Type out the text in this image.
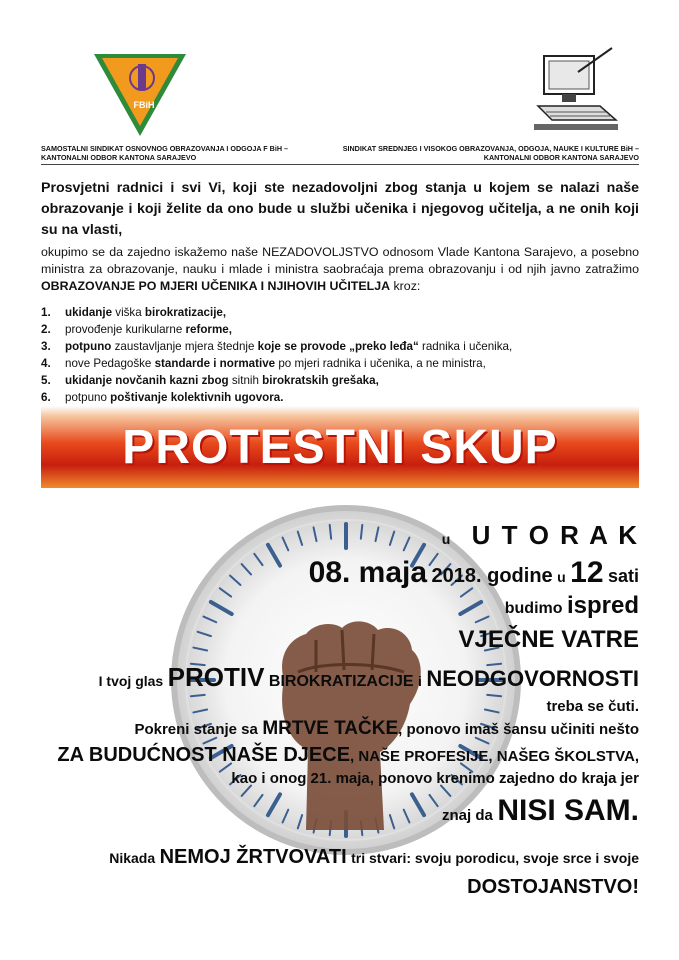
FBiH
SAMOSTALNI SINDIKAT OSNOVNOG OBRAZOVANJA I ODGOJA F BiH –
KANTONALNI ODBOR KANTONA SARAJEVO
SINDIKAT SREDNJEG I VISOKOG OBRAZOVANJA, ODGOJA, NAUKE I KULTURE BiH –
KANTONALNI ODBOR KANTONA SARAJEVO
Prosvjetni radnici i svi Vi, koji ste nezadovoljni zbog stanja u kojem se nalazi naše obrazovanje i koji želite da ono bude u službi učenika i njegovog učitelja, a ne onih koji su na vlasti,
okupimo se da zajedno iskažemo naše NEZADOVOLJSTVO odnosom Vlade Kantona Sarajevo, a posebno ministra za obrazovanje, nauku i mlade i ministra saobraćaja prema obrazovanju i od njih javno zatražimo OBRAZOVANJE PO MJERI UČENIKA I NJIHOVIH UČITELJA kroz:
1.	ukidanje viška birokratizacije,
2.	provođenje kurikularne reforme,
3.	potpuno zaustavljanje mjera štednje koje se provode „preko leđa“ radnika i učenika,
4.	nove Pedagoške standarde i normative po mjeri radnika i učenika, a ne ministra,
5.	ukidanje novčanih kazni zbog sitnih birokratskih grešaka,
6.	potpuno poštivanje kolektivnih ugovora.
PROTESTNI SKUP
u U T O R A K
08. maja 2018. godine u 12 sati
budimo ispred
VJEČNE VATRE
I tvoj glas PROTIV BIROKRATIZACIJE i NEODGOVORNOSTI
treba se čuti.
Pokreni stanje sa MRTVE TAČKE, ponovo imaš šansu učiniti nešto
ZA BUDUĆNOST NAŠE DJECE, NAŠE PROFESIJE, NAŠEG ŠKOLSTVA,
kao i onog 21. maja, ponovo krenimo zajedno do kraja jer
znaj da NISI SAM.
Nikada NEMOJ ŽRTVOVATI tri stvari: svoju porodicu, svoje srce i svoje
DOSTOJANSTVO!
